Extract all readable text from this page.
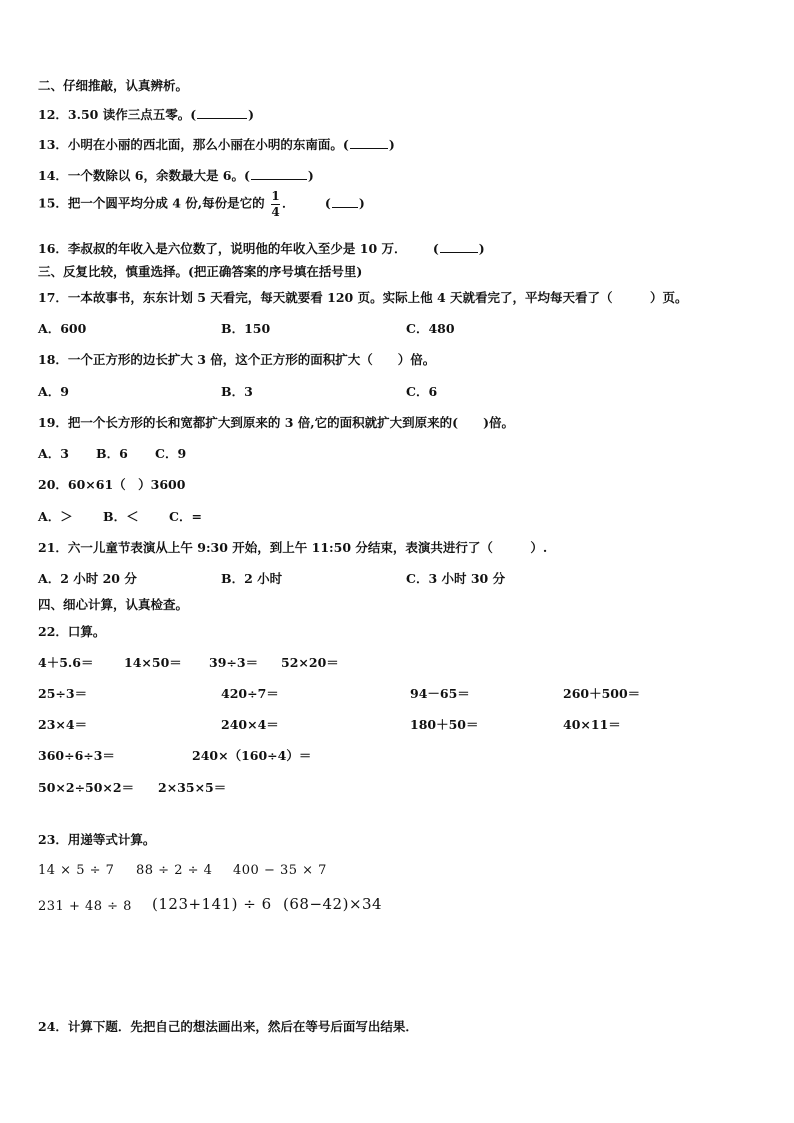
二、仔细推敲，认真辨析。
12．3.50 读作三点五零。(	)
13．小明在小丽的西北面，那么小丽在小明的东南面。(	)
14．一个数除以 6，余数最大是 6。(	)
15．把一个圆平均分成 4 份,每份是它的 $\frac{1}{4}$ ． ( )
16．李叔叔的年收入是六位数了，说明他的年收入至少是 10 万． (	)
三、反复比较，慎重选择。(把正确答案的序号填在括号里)
17．一本故事书，东东计划 5 天看完，每天就要看 120 页。实际上他 4 天就看完了，平均每天看了（　　　）页。
A．600	B．150	C．480
18．一个正方形的边长扩大 3 倍，这个正方形的面积扩大（　　）倍。
A．9	B．3	C．6
19．把一个长方形的长和宽都扩大到原来的 3 倍,它的面积就扩大到原来的(　　)倍。
A．3 B．6 C．9
20．60×61（　）3600
A．＞ B．＜ C．=
21．六一儿童节表演从上午 9:30 开始，到上午 11:50 分结束，表演共进行了（　　　）.
A．2 小时 20 分	B．2 小时	C．3 小时 30 分
四、细心计算，认真检查。
22．口算。
4＋5.6＝ 14×50＝ 39÷3＝ 52×20＝
25÷3＝	420÷7＝	94－65＝	260＋500＝
23×4＝	240×4＝	180＋50＝	40×11＝
360÷6÷3＝	240×（160÷4）＝
50×2÷50×2＝ 2×35×5＝
23．用递等式计算。
14 × 5 ÷ 7 88 ÷ 2 ÷ 4 400 − 35 × 7
231 + 48 ÷ 8 (123+141) ÷ 6 (68−42)×34
24．计算下题．先把自己的想法画出来，然后在等号后面写出结果．
